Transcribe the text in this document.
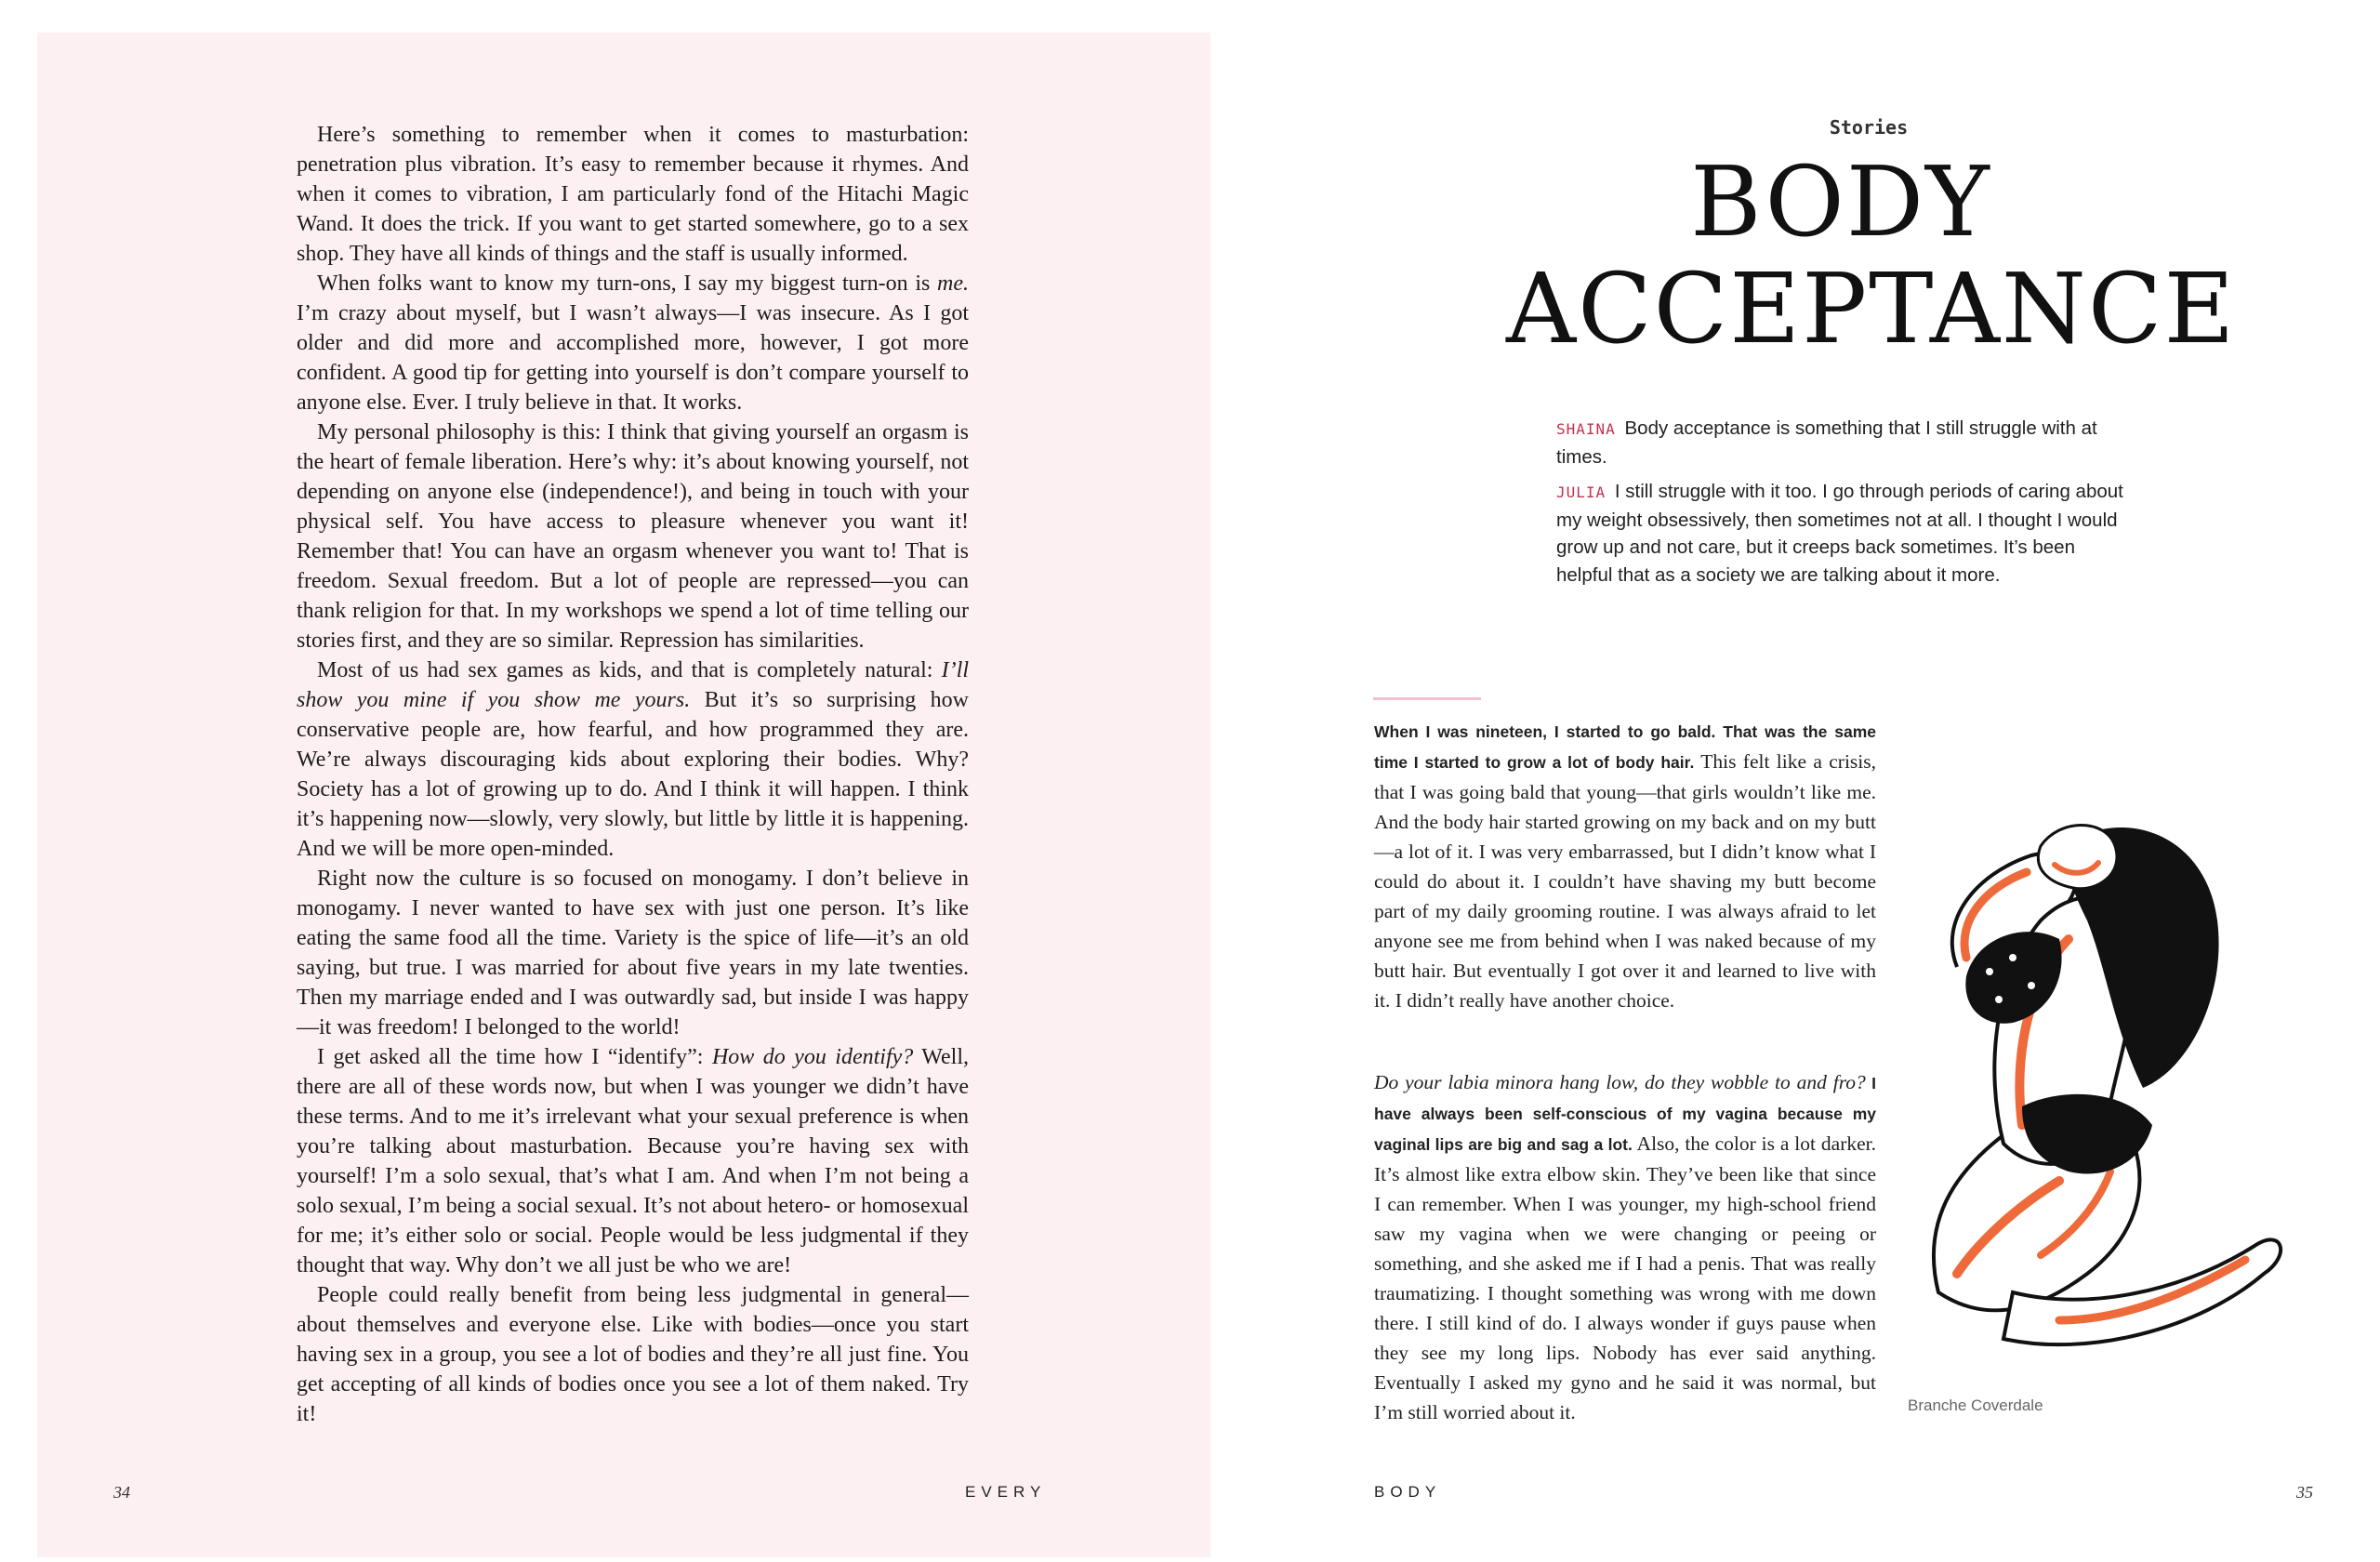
Here’s something to remember when it comes to masturbation: penetration plus vibration. It’s easy to remember because it rhymes. And when it comes to vibration, I am particularly fond of the Hitachi Magic Wand. It does the trick. If you want to get started somewhere, go to a sex shop. They have all kinds of things and the staff is usually informed.

When folks want to know my turn-ons, I say my biggest turn-on is me. I’m crazy about myself, but I wasn’t always—I was insecure. As I got older and did more and accomplished more, however, I got more confident. A good tip for getting into yourself is don’t compare yourself to anyone else. Ever. I truly believe in that. It works.

My personal philosophy is this: I think that giving yourself an orgasm is the heart of female liberation. Here’s why: it’s about knowing yourself, not depending on anyone else (independence!), and being in touch with your physical self. You have access to pleasure whenever you want it! Remember that! You can have an orgasm whenever you want to! That is freedom. Sexual freedom. But a lot of people are repressed—you can thank religion for that. In my workshops we spend a lot of time telling our stories first, and they are so similar. Repression has similarities.

Most of us had sex games as kids, and that is completely natural: I’ll show you mine if you show me yours. But it’s so surprising how conservative people are, how fearful, and how programmed they are. We’re always discouraging kids about exploring their bodies. Why? Society has a lot of growing up to do. And I think it will happen. I think it’s happening now—slowly, very slowly, but little by little it is happening. And we will be more open-minded.

Right now the culture is so focused on monogamy. I don’t believe in monogamy. I never wanted to have sex with just one person. It’s like eating the same food all the time. Variety is the spice of life—it’s an old saying, but true. I was married for about five years in my late twenties. Then my marriage ended and I was outwardly sad, but inside I was happy—it was freedom! I belonged to the world!

I get asked all the time how I “identify”: How do you identify? Well, there are all of these words now, but when I was younger we didn’t have these terms. And to me it’s irrelevant what your sexual preference is when you’re talking about masturbation. Because you’re having sex with yourself! I’m a solo sexual, that’s what I am. And when I’m not being a solo sexual, I’m being a social sexual. It’s not about hetero- or homosexual for me; it’s either solo or social. People would be less judgmental if they thought that way. Why don’t we all just be who we are!

People could really benefit from being less judgmental in general—about themselves and everyone else. Like with bodies—once you start having sex in a group, you see a lot of bodies and they’re all just fine. You get accepting of all kinds of bodies once you see a lot of them naked. Try it!

34	EVERY
Stories
BODY
ACCEPTANCE

SHAINA Body acceptance is something that I still struggle with at times.

JULIA I still struggle with it too. I go through periods of caring about my weight obsessively, then sometimes not at all. I thought I would grow up and not care, but it creeps back sometimes. It’s been helpful that as a society we are talking about it more.

When I was nineteen, I started to go bald. That was the same time I started to grow a lot of body hair. This felt like a crisis, that I was going bald that young—that girls wouldn’t like me. And the body hair started growing on my back and on my butt—a lot of it. I was very embarrassed, but I didn’t know what I could do about it. I couldn’t have shaving my butt become part of my daily grooming routine. I was always afraid to let anyone see me from behind when I was naked because of my butt hair. But eventually I got over it and learned to live with it. I didn’t really have another choice.

Do your labia minora hang low, do they wobble to and fro? I have always been self-conscious of my vagina because my vaginal lips are big and sag a lot. Also, the color is a lot darker. It’s almost like extra elbow skin. They’ve been like that since I can remember. When I was younger, my high-school friend saw my vagina when we were changing or peeing or something, and she asked me if I had a penis. That was really traumatizing. I thought something was wrong with me down there. I still kind of do. I always wonder if guys pause when they see my long lips. Nobody has ever said anything. Eventually I asked my gyno and he said it was normal, but I’m still worried about it.	Branche Coverdale
BODY	35
